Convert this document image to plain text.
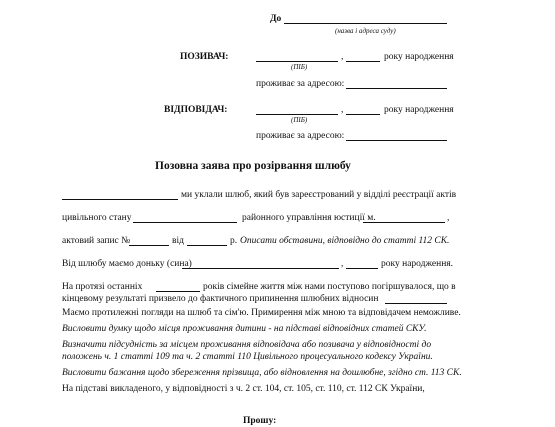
До
(назва і адреса суду)
ПОЗИВАЧ:	,	року народження
(ПІБ)
проживає за адресою:
ВІДПОВІДАЧ:	,	року народження
(ПІБ)
проживає за адресою:
Позовна заява про розірвання шлюбу
ми уклали шлюб, який був зареєстрований у відділі реєстрації актів
цивільного стану	районного управління юстиції м.	,
актовий запис №	від	р. Описати обставини, відповідно до статті 112 СК.
Від шлюбу маємо доньку (сина)	,	року народження.
На протязі останніх	років сімейне життя між нами поступово погіршувалося, що в
кінцевому результаті призвело до фактичного припинення шлюбних відносин
Маємо протилежні погляди на шлюб та сім'ю. Примирення між мною та відповідачем неможливе.
Висловити думку щодо місця проживання дитини - на підставі відповідних статей СКУ.
Визначити підсудність за місцем проживання відповідача або позивача у відповідності до
положень ч. 1 статті 109 та ч. 2 статті 110 Цивільного процесуального кодексу України.
Висловити бажання щодо збереження прізвища, або відновлення на дошлюбне, згідно ст. 113 СК.
На підставі викладеного, у відповідності з ч. 2 ст. 104, ст. 105, ст. 110, ст. 112 СК України,
Прошу:
